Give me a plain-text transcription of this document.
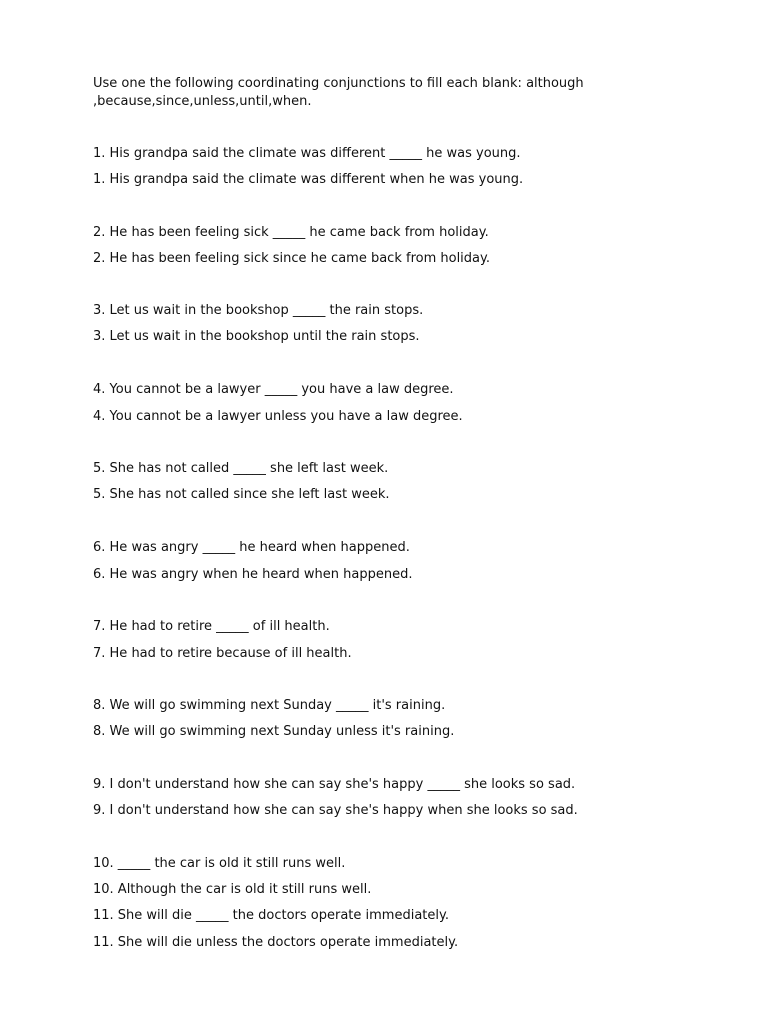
Use one the following coordinating conjunctions to fill each blank: although ,because,since,unless,until,when.
1. His grandpa said the climate was different _____ he was young.
1. His grandpa said the climate was different when he was young.
2. He has been feeling sick _____ he came back from holiday.
2. He has been feeling sick since he came back from holiday.
3. Let us wait in the bookshop _____ the rain stops.
3. Let us wait in the bookshop until the rain stops.
4. You cannot be a lawyer _____ you have a law degree.
4. You cannot be a lawyer unless you have a law degree.
5. She has not called _____ she left last week.
5. She has not called since she left last week.
6. He was angry _____ he heard when happened.
6. He was angry when he heard when happened.
7. He had to retire _____ of ill health.
7. He had to retire because of ill health.
8. We will go swimming next Sunday _____ it's raining.
8. We will go swimming next Sunday unless it's raining.
9. I don't understand how she can say she's happy _____ she looks so sad.
9. I don't understand how she can say she's happy when she looks so sad.
10. _____ the car is old it still runs well.
10. Although the car is old it still runs well.
11. She will die _____ the doctors operate immediately.
11. She will die unless the doctors operate immediately.
